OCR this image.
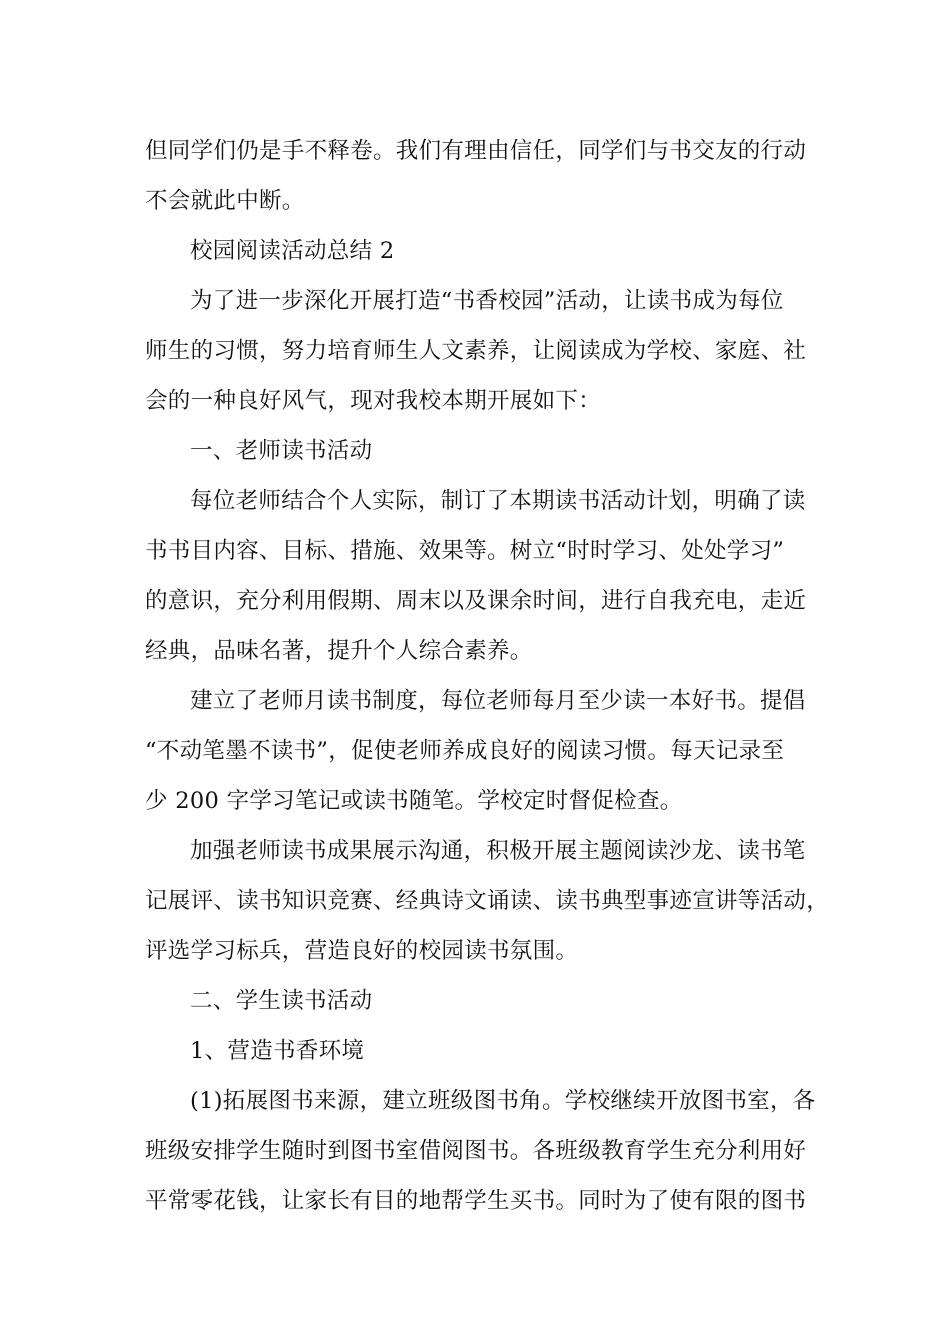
但同学们仍是手不释卷。我们有理由信任，同学们与书交友的行动
不会就此中断。
校园阅读活动总结 2
为了进一步深化开展打造“书香校园”活动，让读书成为每位
师生的习惯，努力培育师生人文素养，让阅读成为学校、家庭、社
会的一种良好风气，现对我校本期开展如下：
一、老师读书活动
每位老师结合个人实际，制订了本期读书活动计划，明确了读
书书目内容、目标、措施、效果等。树立“时时学习、处处学习”
的意识，充分利用假期、周末以及课余时间，进行自我充电，走近
经典，品味名著，提升个人综合素养。
建立了老师月读书制度，每位老师每月至少读一本好书。提倡
“不动笔墨不读书”，促使老师养成良好的阅读习惯。每天记录至
少 200 字学习笔记或读书随笔。学校定时督促检查。
加强老师读书成果展示沟通，积极开展主题阅读沙龙、读书笔
记展评、读书知识竞赛、经典诗文诵读、读书典型事迹宣讲等活动，
评选学习标兵，营造良好的校园读书氛围。
二、学生读书活动
1、营造书香环境
(1)拓展图书来源，建立班级图书角。学校继续开放图书室，各
班级安排学生随时到图书室借阅图书。各班级教育学生充分利用好
平常零花钱，让家长有目的地帮学生买书。同时为了使有限的图书
